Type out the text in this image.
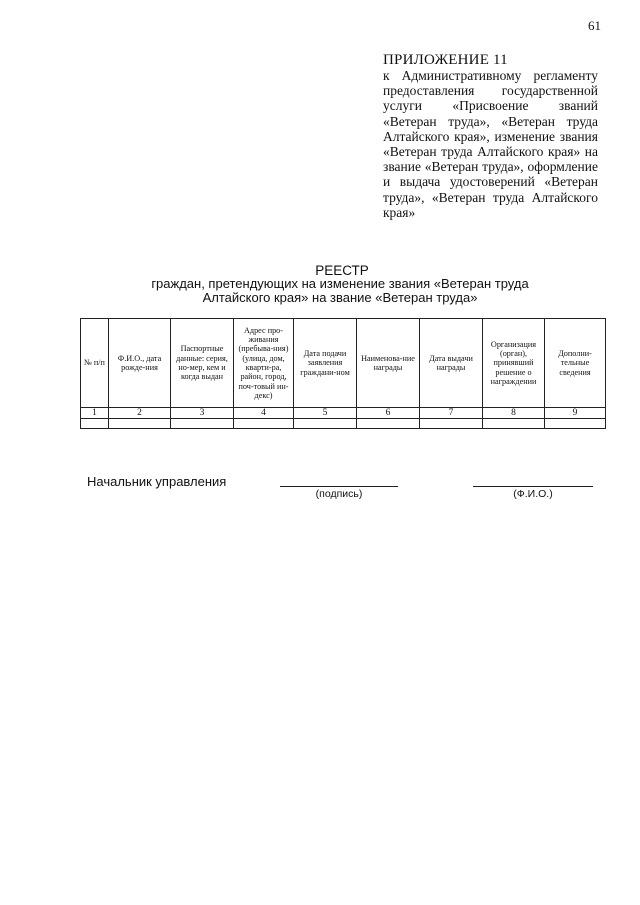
61
ПРИЛОЖЕНИЕ 11
к Административному регламенту предоставления государственной услуги «Присвоение званий «Ветеран труда», «Ветеран труда Алтайского края», изменение звания «Ветеран труда Алтайского края» на звание «Ветеран труда», оформление и выдача удостоверений «Ветеран труда», «Ветеран труда Алтайского края»
РЕЕСТР
граждан, претендующих на изменение звания «Ветеран труда Алтайского края» на звание «Ветеран труда»
№ п/п	Ф.И.О., дата рожде-ния	Паспортные данные: серия, но-мер, кем и когда выдан	Адрес про-живания (пребыва-ния) (улица, дом, кварти-ра, район, город, поч-товый ин-декс)	Дата подачи заявления граждани-ном	Наименова-ние награды	Дата выдачи награды	Организация (орган), принявший решение о награждении	Дополни-тельные сведения
1	2	3	4	5	6	7	8	9

Начальник управления
(подпись)	(Ф.И.О.)
